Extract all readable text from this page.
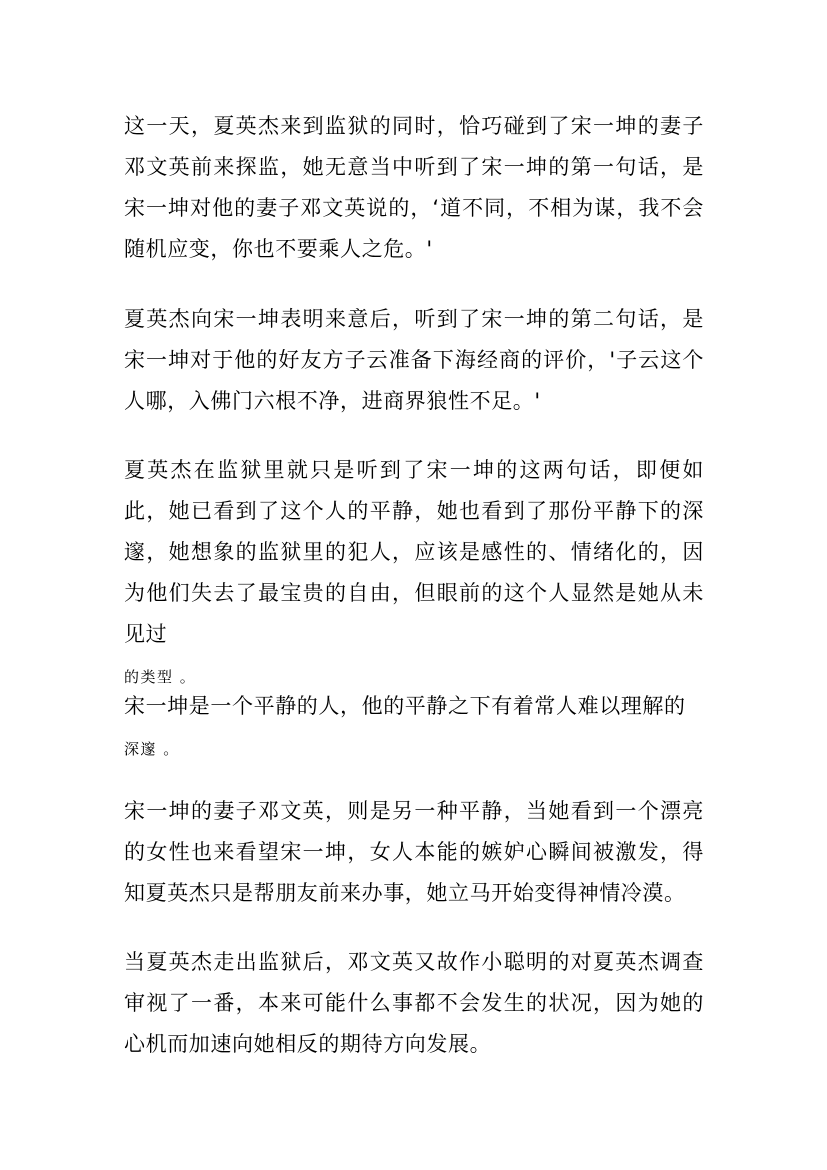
这一天，夏英杰来到监狱的同时，恰巧碰到了宋一坤的妻子邓文英前来探监，她无意当中听到了宋一坤的第一句话，是宋一坤对他的妻子邓文英说的，‘道不同，不相为谋，我不会随机应变，你也不要乘人之危。'

夏英杰向宋一坤表明来意后，听到了宋一坤的第二句话，是宋一坤对于他的好友方子云准备下海经商的评价，'子云这个人哪，入佛门六根不净，进商界狼性不足。'

夏英杰在监狱里就只是听到了宋一坤的这两句话，即便如此，她已看到了这个人的平静，她也看到了那份平静下的深邃，她想象的监狱里的犯人，应该是感性的、情绪化的，因为他们失去了最宝贵的自由，但眼前的这个人显然是她从未见过
的类型 。

宋一坤是一个平静的人，他的平静之下有着常人难以理解的
深邃 。

宋一坤的妻子邓文英，则是另一种平静，当她看到一个漂亮的女性也来看望宋一坤，女人本能的嫉妒心瞬间被激发，得知夏英杰只是帮朋友前来办事，她立马开始变得神情冷漠。

当夏英杰走出监狱后，邓文英又故作小聪明的对夏英杰调查审视了一番，本来可能什么事都不会发生的状况，因为她的心机而加速向她相反的期待方向发展。
